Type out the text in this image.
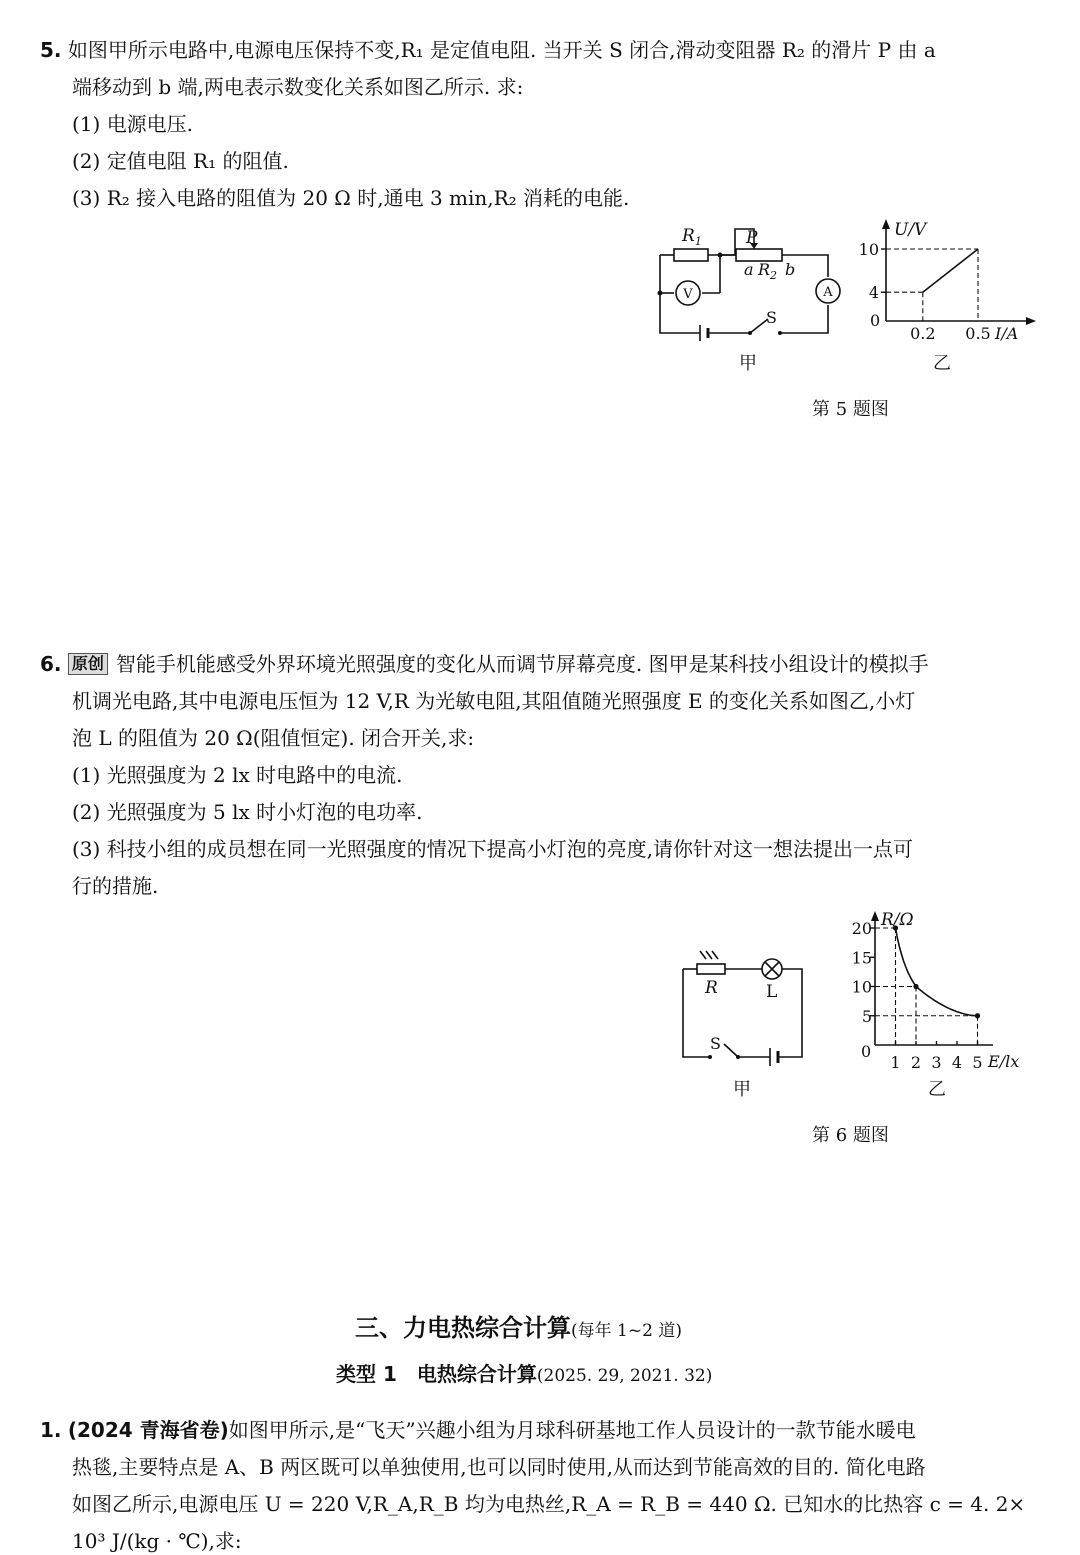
5. 如图甲所示电路中,电源电压保持不变,R₁ 是定值电阻. 当开关 S 闭合,滑动变阻器 R₂ 的滑片 P 由 a
端移动到 b 端,两电表示数变化关系如图乙所示. 求:
(1) 电源电压.
(2) 定值电阻 R₁ 的阻值.
(3) R₂ 接入电路的阻值为 20 Ω 时,通电 3 min,R₂ 消耗的电能.
$R_1$	P
a $R_2$ b
V	A
S
甲
4
10
0.2 0.5
U/V
I/A
0
乙
第 5 题图
6. 原创 智能手机能感受外界环境光照强度的变化从而调节屏幕亮度. 图甲是某科技小组设计的模拟手
机调光电路,其中电源电压恒为 12 V,R 为光敏电阻,其阻值随光照强度 E 的变化关系如图乙,小灯
泡 L 的阻值为 20 Ω(阻值恒定). 闭合开关,求:
(1) 光照强度为 2 lx 时电路中的电流.
(2) 光照强度为 5 lx 时小灯泡的电功率.
(3) 科技小组的成员想在同一光照强度的情况下提高小灯泡的亮度,请你针对这一想法提出一点可
行的措施.
R	L
S
甲
5
10
15
20
1 2 3 4 5
R/Ω
E/lx
0
乙
第 6 题图
三、力电热综合计算(每年 1~2 道)
类型 1　电热综合计算(2025. 29, 2021. 32)
1. (2024 青海省卷)如图甲所示,是“飞天”兴趣小组为月球科研基地工作人员设计的一款节能水暖电
热毯,主要特点是 A、B 两区既可以单独使用,也可以同时使用,从而达到节能高效的目的. 简化电路
如图乙所示,电源电压 U = 220 V,R_A,R_B 均为电热丝,R_A = R_B = 440 Ω. 已知水的比热容 c = 4. 2×
10³ J/(kg · ℃),求:
